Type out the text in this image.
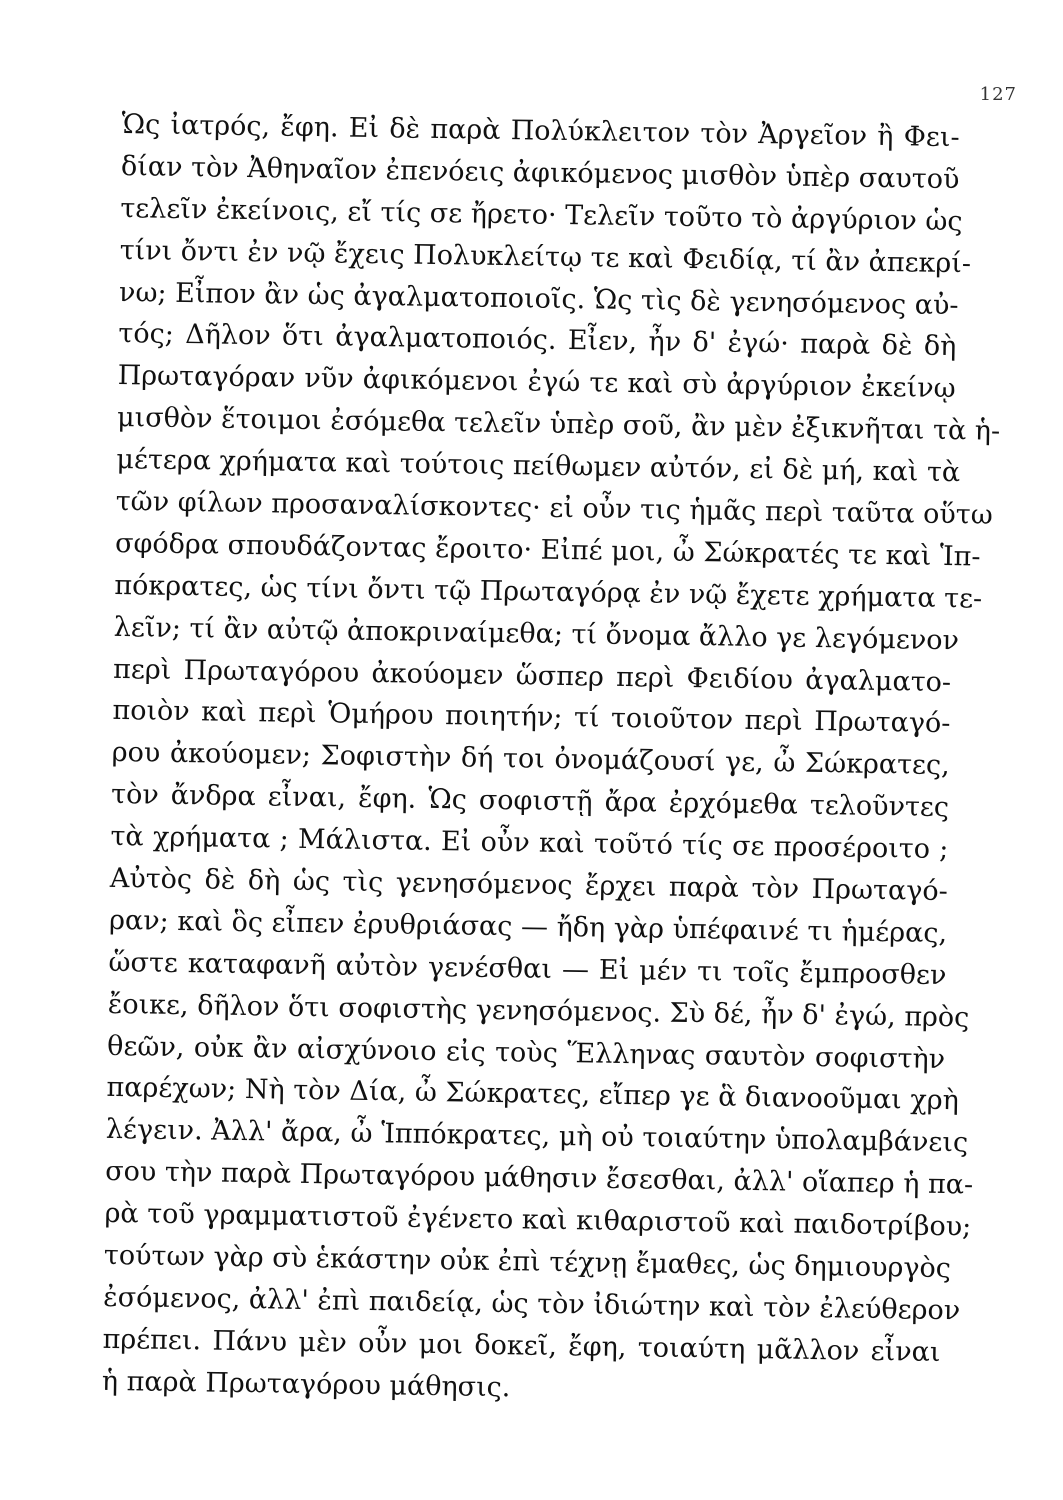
127
Ὡς ἰατρός, ἔφη. Εἰ δὲ παρὰ Πολύκλειτον τὸν Ἀργεῖον ἢ Φει-
δίαν τὸν Ἀθηναῖον ἐπενόεις ἀφικόμενος μισθὸν ὑπὲρ σαυτοῦ
τελεῖν ἐκείνοις, εἴ τίς σε ἤρετο· Τελεῖν τοῦτο τὸ ἀργύριον ὡς
τίνι ὄντι ἐν νῷ ἔχεις Πολυκλείτῳ τε καὶ Φειδίᾳ, τί ἂν ἀπεκρί-
νω; Εἶπον ἂν ὡς ἀγαλματοποιοῖς. Ὡς τὶς δὲ γενησόμενος αὐ-
τός; Δῆλον ὅτι ἀγαλματοποιός. Εἶεν, ἦν δ' ἐγώ· παρὰ δὲ δὴ
Πρωταγόραν νῦν ἀφικόμενοι ἐγώ τε καὶ σὺ ἀργύριον ἐκείνῳ
μισθὸν ἕτοιμοι ἐσόμεθα τελεῖν ὑπὲρ σοῦ, ἂν μὲν ἐξικνῆται τὰ ἡ-
μέτερα χρήματα καὶ τούτοις πείθωμεν αὐτόν, εἰ δὲ μή, καὶ τὰ
τῶν φίλων προσαναλίσκοντες· εἰ οὖν τις ἡμᾶς περὶ ταῦτα οὕτω
σφόδρα σπουδάζοντας ἔροιτο· Εἰπέ μοι, ὦ Σώκρατές τε καὶ Ἱπ-
πόκρατες, ὡς τίνι ὄντι τῷ Πρωταγόρᾳ ἐν νῷ ἔχετε χρήματα τε-
λεῖν; τί ἂν αὐτῷ ἀποκριναίμεθα; τί ὄνομα ἄλλο γε λεγόμενον
περὶ Πρωταγόρου ἀκούομεν ὥσπερ περὶ Φειδίου ἀγαλματο-
ποιὸν καὶ περὶ Ὁμήρου ποιητήν; τί τοιοῦτον περὶ Πρωταγό-
ρου ἀκούομεν; Σοφιστὴν δή τοι ὀνομάζουσί γε, ὦ Σώκρατες,
τὸν ἄνδρα εἶναι, ἔφη. Ὡς σοφιστῇ ἄρα ἐρχόμεθα τελοῦντες
τὰ χρήματα ; Μάλιστα. Εἰ οὖν καὶ τοῦτό τίς σε προσέροιτο ;
Αὐτὸς δὲ δὴ ὡς τὶς γενησόμενος ἔρχει παρὰ τὸν Πρωταγό-
ραν; καὶ ὃς εἶπεν ἐρυθριάσας — ἤδη γὰρ ὑπέφαινέ τι ἡμέρας,
ὥστε καταφανῆ αὐτὸν γενέσθαι — Εἰ μέν τι τοῖς ἔμπροσθεν
ἔοικε, δῆλον ὅτι σοφιστὴς γενησόμενος. Σὺ δέ, ἦν δ' ἐγώ, πρὸς
θεῶν, οὐκ ἂν αἰσχύνοιο εἰς τοὺς Ἕλληνας σαυτὸν σοφιστὴν
παρέχων; Νὴ τὸν Δία, ὦ Σώκρατες, εἴπερ γε ἃ διανοοῦμαι χρὴ
λέγειν. Ἀλλ' ἄρα, ὦ Ἱππόκρατες, μὴ οὐ τοιαύτην ὑπολαμβάνεις
σου τὴν παρὰ Πρωταγόρου μάθησιν ἔσεσθαι, ἀλλ' οἵαπερ ἡ πα-
ρὰ τοῦ γραμματιστοῦ ἐγένετο καὶ κιθαριστοῦ καὶ παιδοτρίβου;
τούτων γὰρ σὺ ἑκάστην οὐκ ἐπὶ τέχνῃ ἔμαθες, ὡς δημιουργὸς
ἐσόμενος, ἀλλ' ἐπὶ παιδείᾳ, ὡς τὸν ἰδιώτην καὶ τὸν ἐλεύθερον
πρέπει. Πάνυ μὲν οὖν μοι δοκεῖ, ἔφη, τοιαύτη μᾶλλον εἶναι
ἡ παρὰ Πρωταγόρου μάθησις.
